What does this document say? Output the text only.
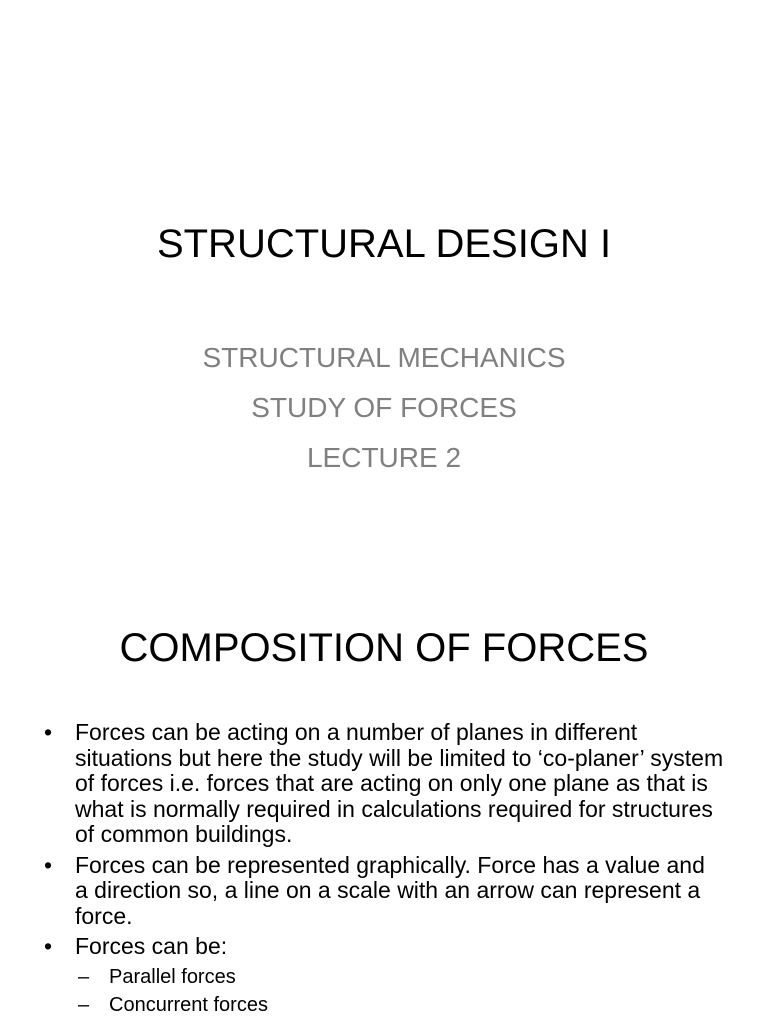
STRUCTURAL DESIGN I
STRUCTURAL MECHANICS
STUDY OF FORCES
LECTURE 2
COMPOSITION OF FORCES
• Forces can be acting on a number of planes in different situations but here the study will be limited to ‘co-planer’ system of forces i.e. forces that are acting on only one plane as that is what is normally required in calculations required for structures of common buildings.
• Forces can be represented graphically. Force has a value and a direction so, a line on a scale with an arrow can represent a force.
• Forces can be:
– Parallel forces
– Concurrent forces
